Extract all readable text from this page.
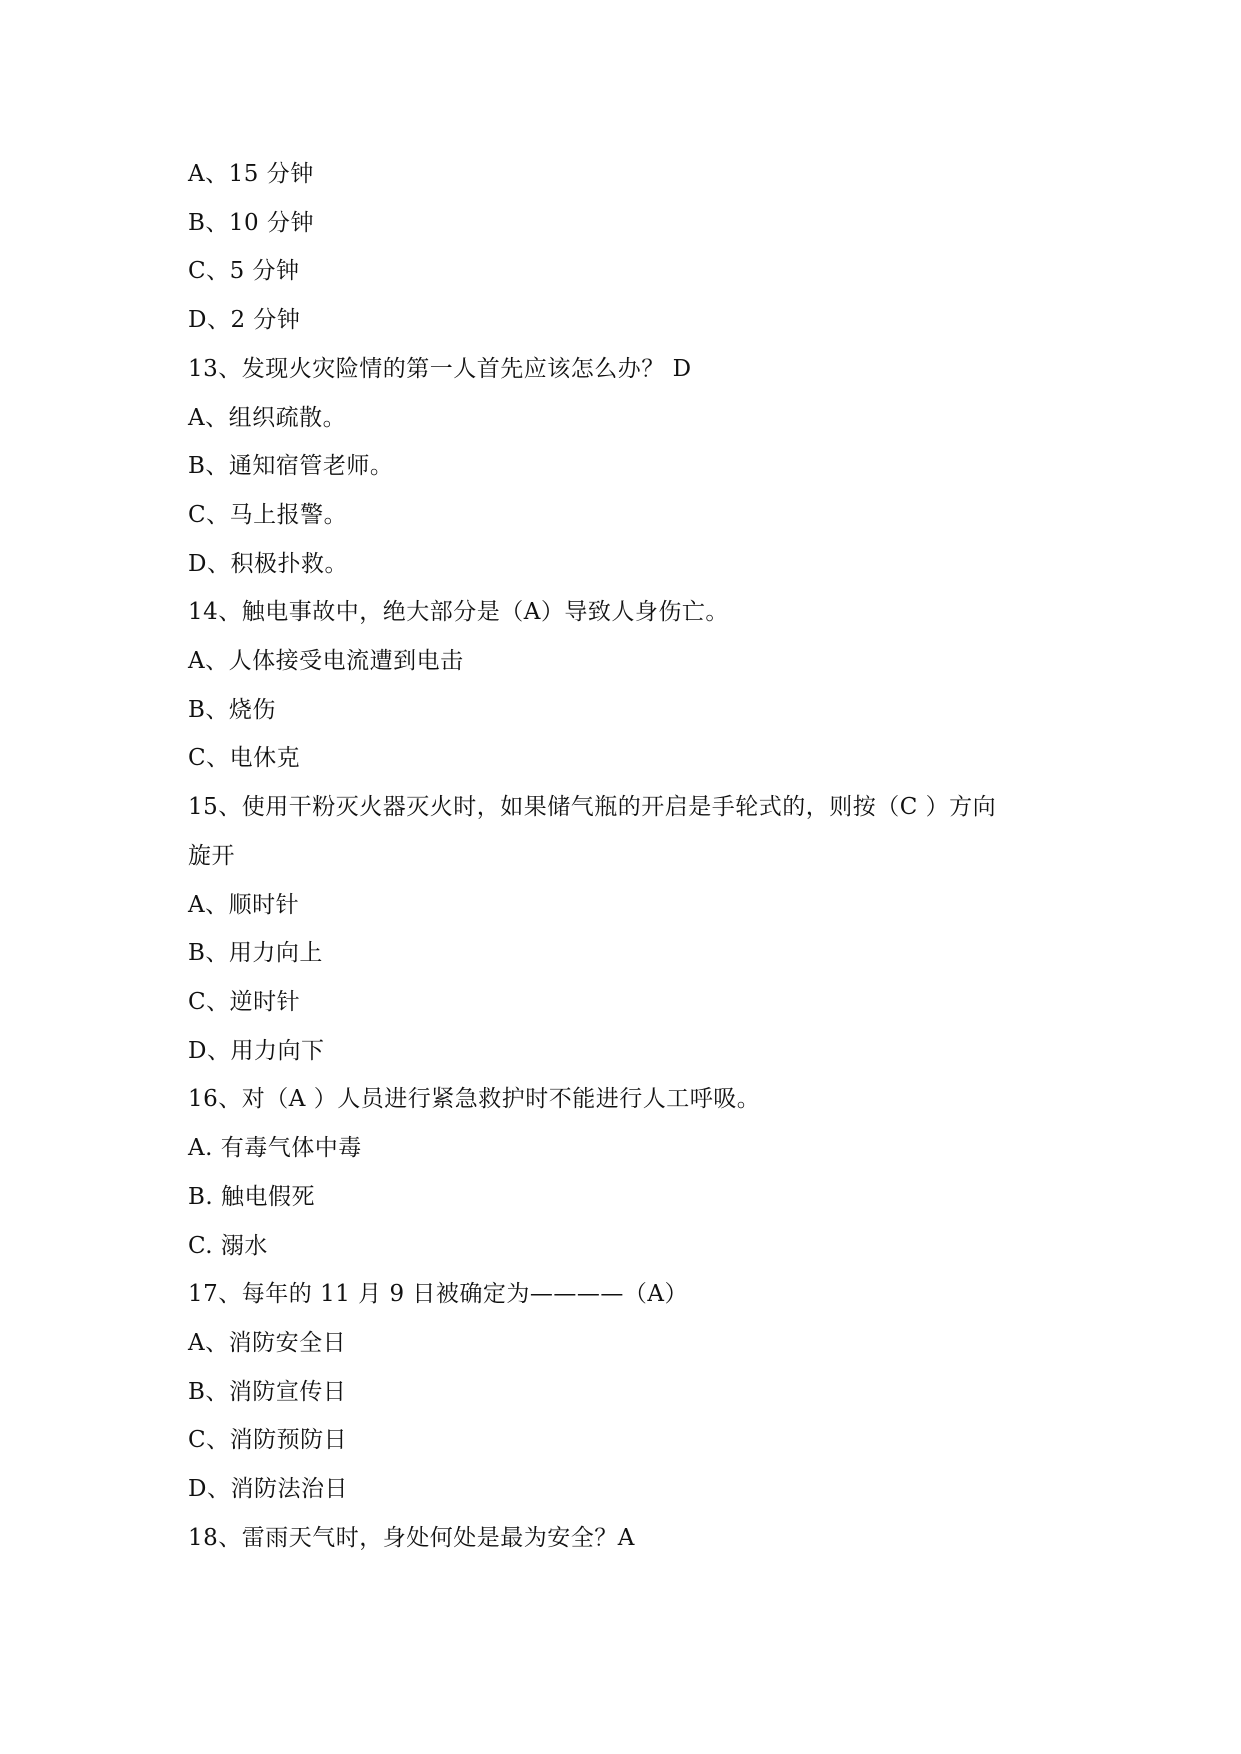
A、15 分钟
B、10 分钟
C、5 分钟
D、2 分钟
13、发现火灾险情的第一人首先应该怎么办？ D
A、组织疏散。
B、通知宿管老师。
C、马上报警。
D、积极扑救。
14、触电事故中，绝大部分是（A）导致人身伤亡。
A、人体接受电流遭到电击
B、烧伤
C、电休克
15、使用干粉灭火器灭火时，如果储气瓶的开启是手轮式的，则按（C ）方向
旋开
A、顺时针
B、用力向上
C、逆时针
D、用力向下
16、对（A ）人员进行紧急救护时不能进行人工呼吸。
A. 有毒气体中毒
B. 触电假死
C. 溺水
17、每年的 11 月 9 日被确定为————（A）
A、消防安全日
B、消防宣传日
C、消防预防日
D、消防法治日
18、雷雨天气时，身处何处是最为安全？A
